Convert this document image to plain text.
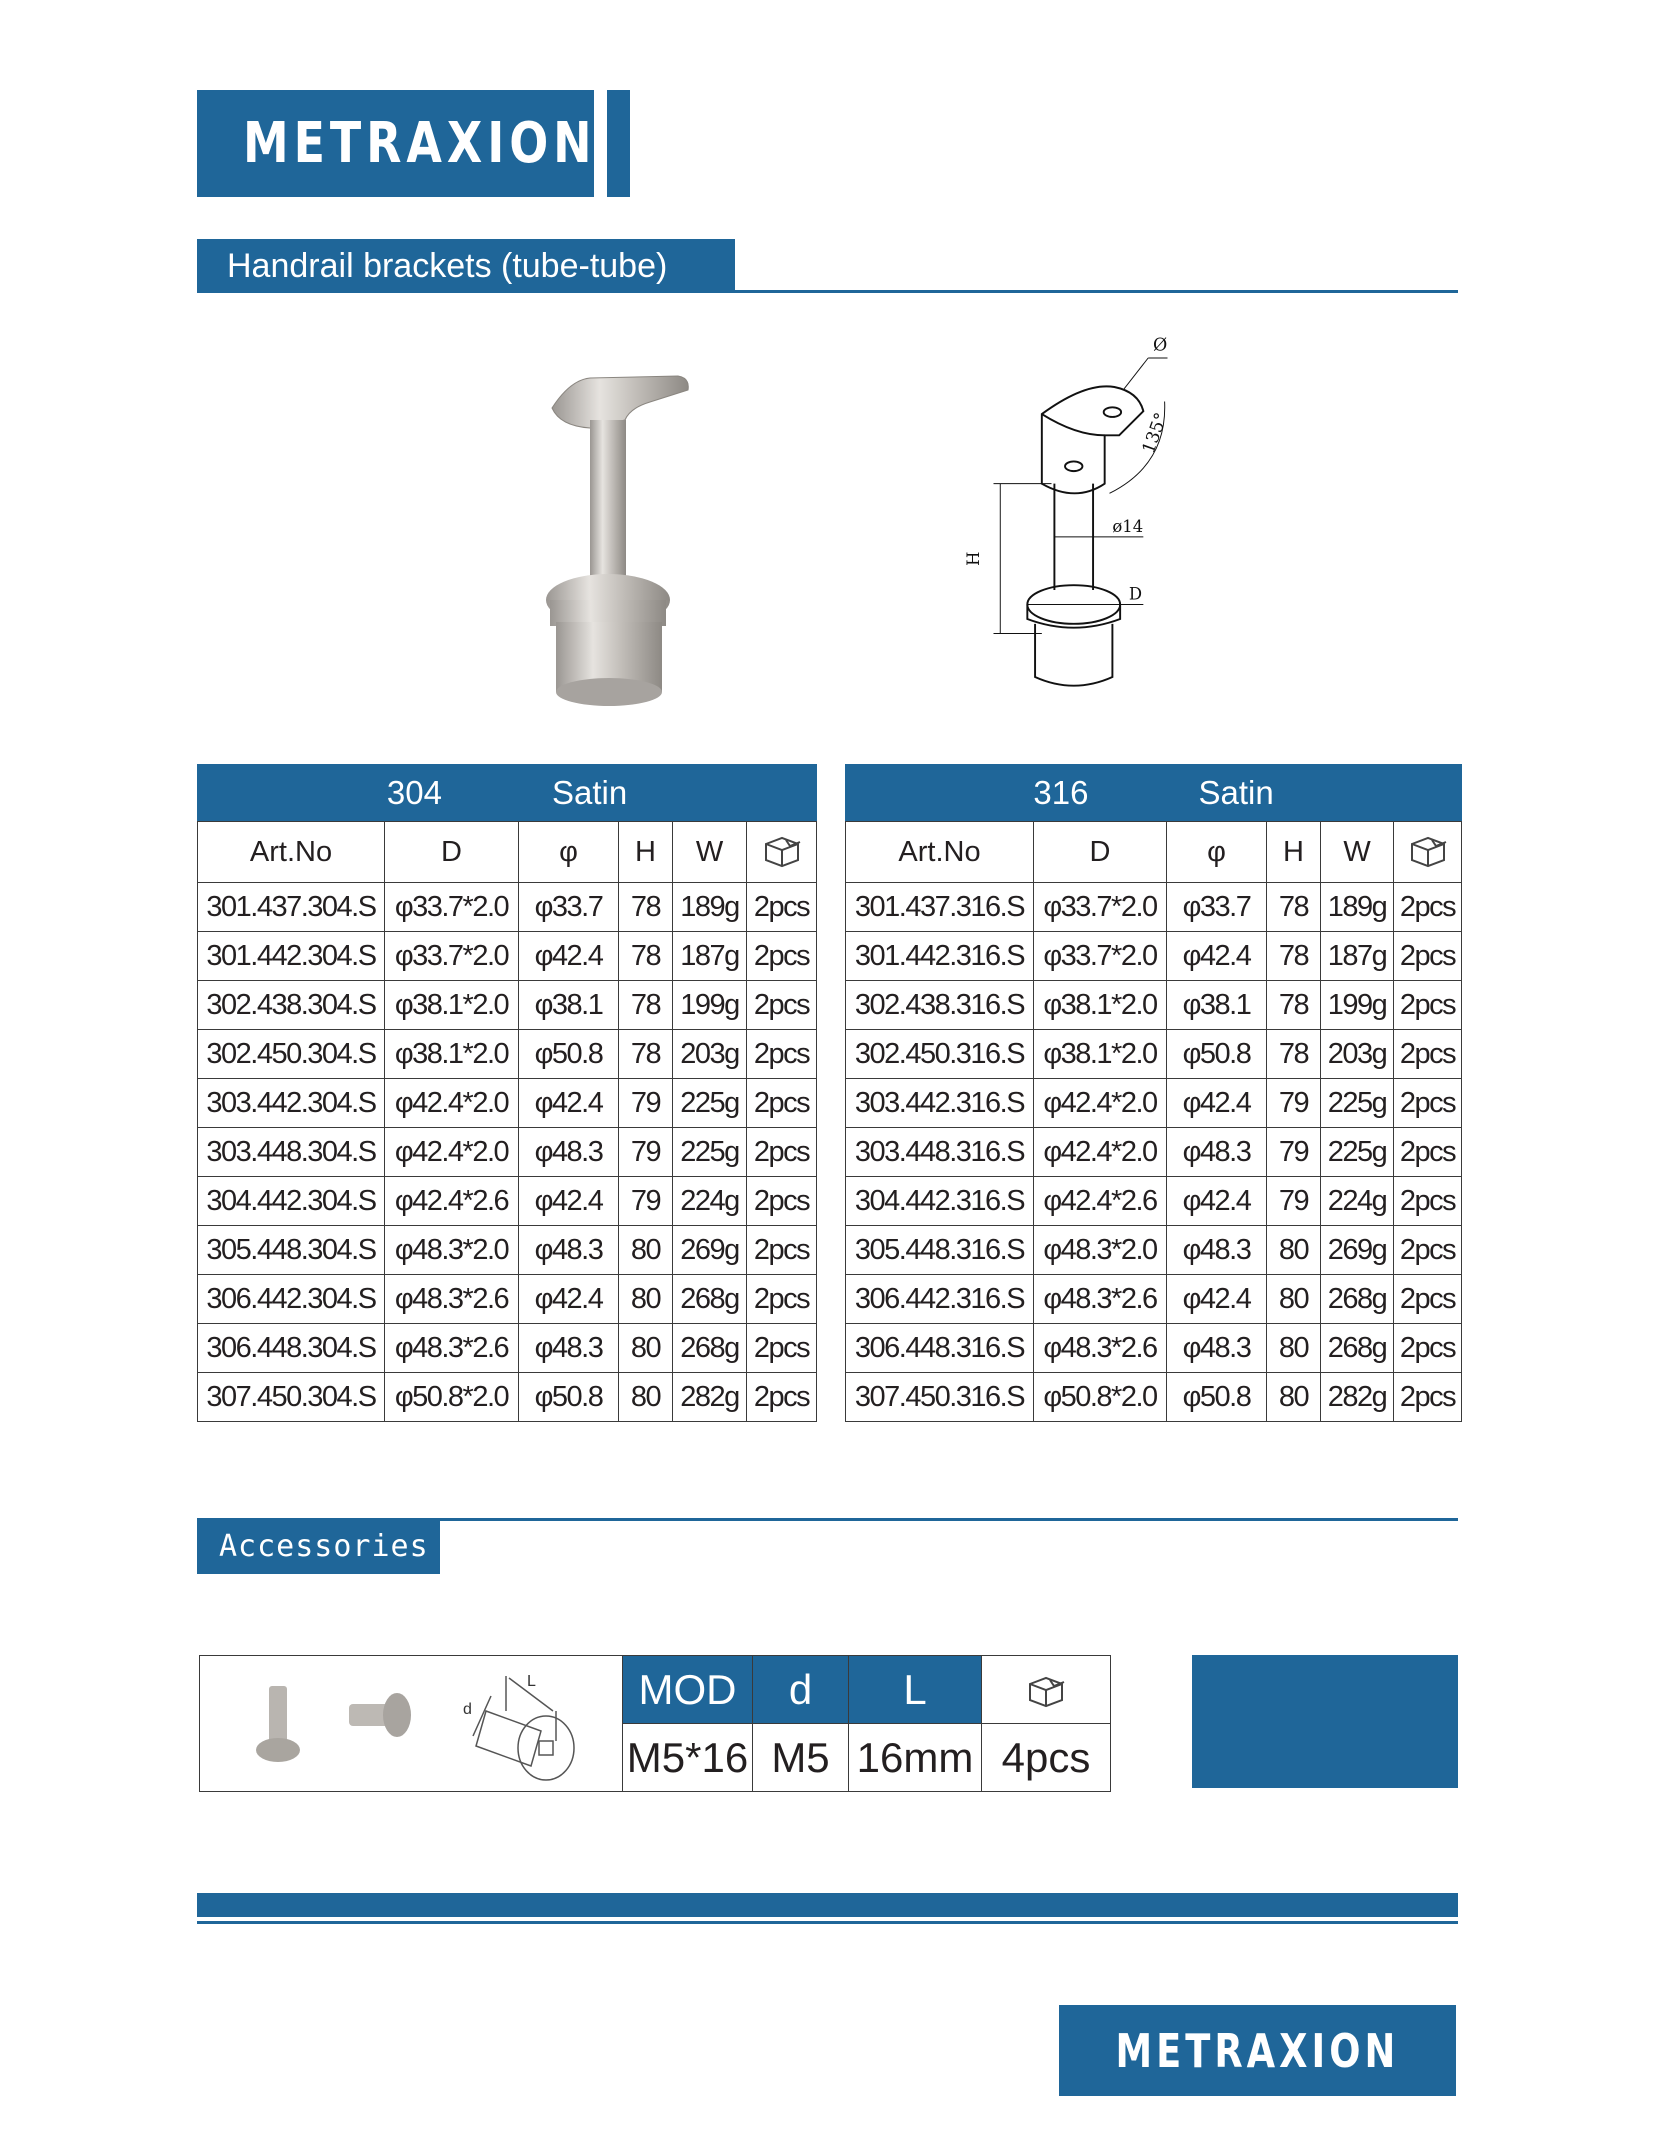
METRAXION
Handrail brackets (tube-tube)
Ø
135°
ø14
H
D
304 Satin					
Art.No	D	φ	H	W	
301.437.304.S	φ33.7*2.0	φ33.7	78	189g	2pcs
301.442.304.S	φ33.7*2.0	φ42.4	78	187g	2pcs
302.438.304.S	φ38.1*2.0	φ38.1	78	199g	2pcs
302.450.304.S	φ38.1*2.0	φ50.8	78	203g	2pcs
303.442.304.S	φ42.4*2.0	φ42.4	79	225g	2pcs
303.448.304.S	φ42.4*2.0	φ48.3	79	225g	2pcs
304.442.304.S	φ42.4*2.6	φ42.4	79	224g	2pcs
305.448.304.S	φ48.3*2.0	φ48.3	80	269g	2pcs
306.442.304.S	φ48.3*2.6	φ42.4	80	268g	2pcs
306.448.304.S	φ48.3*2.6	φ48.3	80	268g	2pcs
307.450.304.S	φ50.8*2.0	φ50.8	80	282g	2pcs
316 Satin					
Art.No	D	φ	H	W	
301.437.316.S	φ33.7*2.0	φ33.7	78	189g	2pcs
301.442.316.S	φ33.7*2.0	φ42.4	78	187g	2pcs
302.438.316.S	φ38.1*2.0	φ38.1	78	199g	2pcs
302.450.316.S	φ38.1*2.0	φ50.8	78	203g	2pcs
303.442.316.S	φ42.4*2.0	φ42.4	79	225g	2pcs
303.448.316.S	φ42.4*2.0	φ48.3	79	225g	2pcs
304.442.316.S	φ42.4*2.6	φ42.4	79	224g	2pcs
305.448.316.S	φ48.3*2.0	φ48.3	80	269g	2pcs
306.442.316.S	φ48.3*2.6	φ42.4	80	268g	2pcs
306.448.316.S	φ48.3*2.6	φ48.3	80	268g	2pcs
307.450.316.S	φ50.8*2.0	φ50.8	80	282g	2pcs
Accessories
L
d	MOD	d	L	
	M5*16	M5	16mm	4pcs
METRAXION
